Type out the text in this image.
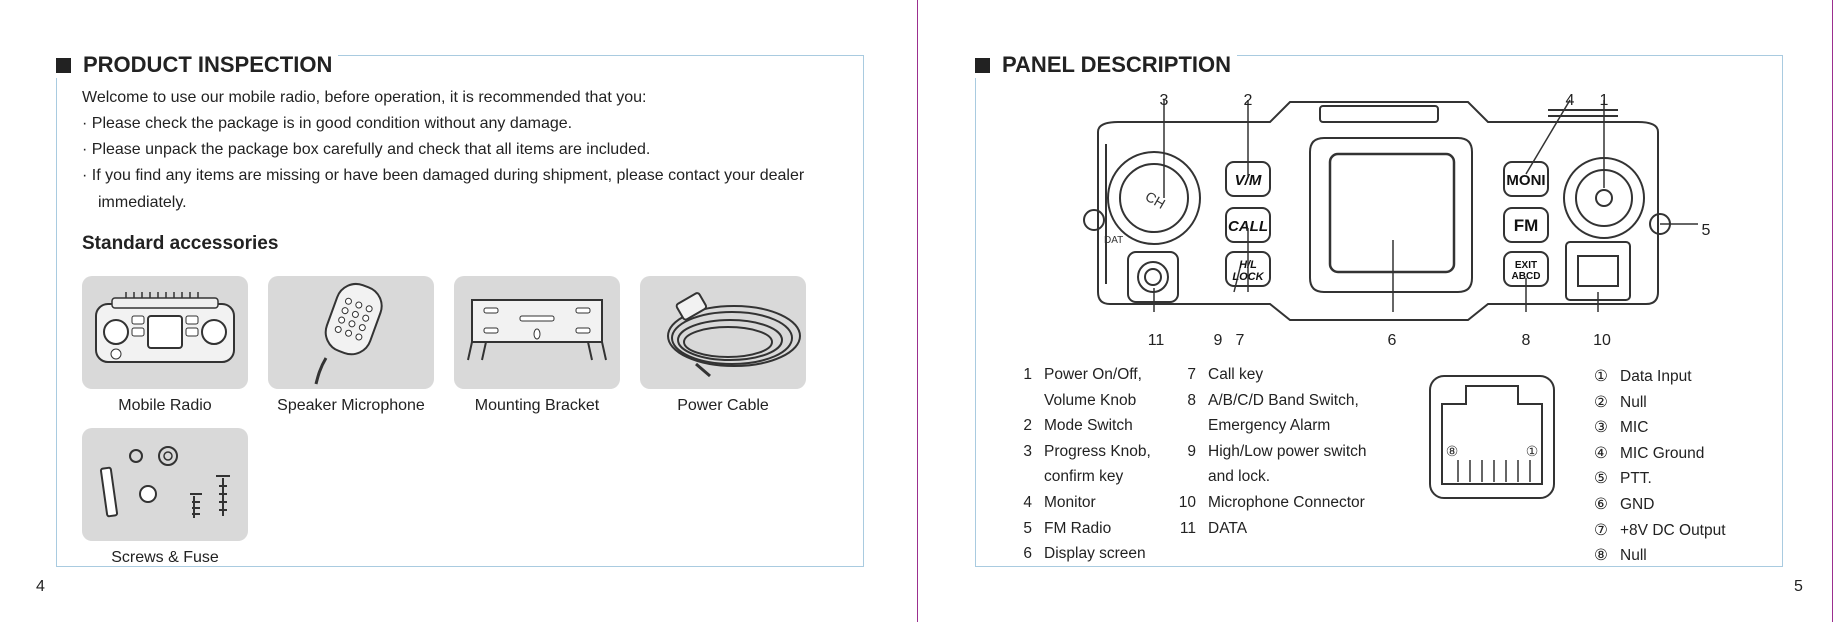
PRODUCT INSPECTION
Welcome to use our mobile radio, before operation, it is recommended that you:
· Please check the package is in good condition without any damage.
· Please unpack the package box carefully and check that all items are included.
· If you find any items are missing or have been damaged during shipment, please contact your dealer
immediately.
Standard accessories
Mobile Radio	Speaker Microphone	Mounting Bracket	Power Cable
Screws & Fuse
4
PANEL DESCRIPTION
V/M
CALL
H/L
LOCK
MONI
FM
EXIT
ABCD
CH
DAT
3	2	4	1
5
11	9 7	6	8	10
1 Power On/Off,
Volume Knob
2 Mode Switch
3 Progress Knob,
confirm key
4 Monitor
5 FM Radio
6 Display screen
7 Call key
8 A/B/C/D Band Switch,
Emergency Alarm
9 High/Low power switch
and lock.
10 Microphone Connector
11 DATA
⑧	①
① Data Input
② Null
③ MIC
④ MIC Ground
⑤ PTT.
⑥ GND
⑦ +8V DC Output
⑧ Null
5
